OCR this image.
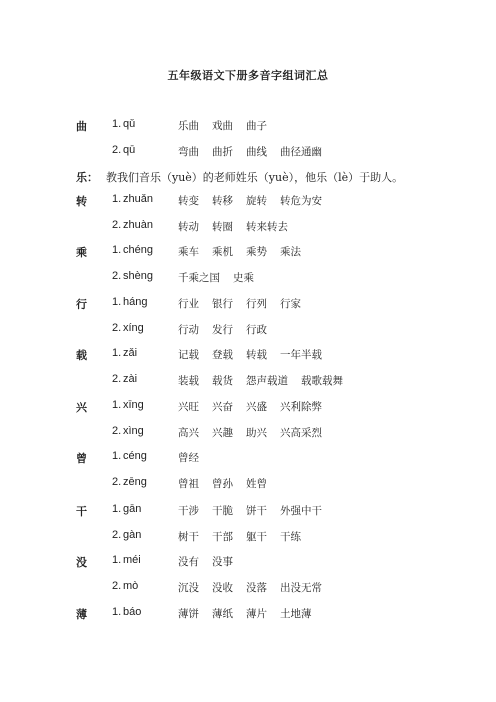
五年级语文下册多音字组词汇总
曲 1. qǔ	乐曲 戏曲 曲子
2. qū	弯曲 曲折 曲线 曲径通幽
转 1. zhuǎn 转变 转移 旋转 转危为安
2. zhuàn 转动 转圈 转来转去
乘 1. chéng 乘车 乘机 乘势 乘法
2. shèng 千乘之国 史乘
行 1. háng	行业 银行 行列 行家
2. xíng	行动 发行 行政
载 1. zǎi	记载 登载 转载 一年半载
2. zài	装载 载货 怨声载道 载歌载舞
兴 1. xīng	兴旺 兴奋 兴盛 兴利除弊
2. xìng	高兴 兴趣 助兴 兴高采烈
曾 1. céng	曾经
2. zēng	曾祖 曾孙 姓曾
干 1. gān	干涉 干脆 饼干 外强中干
2. gàn	树干 干部 躯干 干练
没 1. méi	没有 没事
2. mò	沉没 没收 没落 出没无常
薄 1. báo	薄饼 薄纸 薄片 土地薄
乐： 教我们音乐（yuè）的老师姓乐（yuè），他乐（lè）于助人。
